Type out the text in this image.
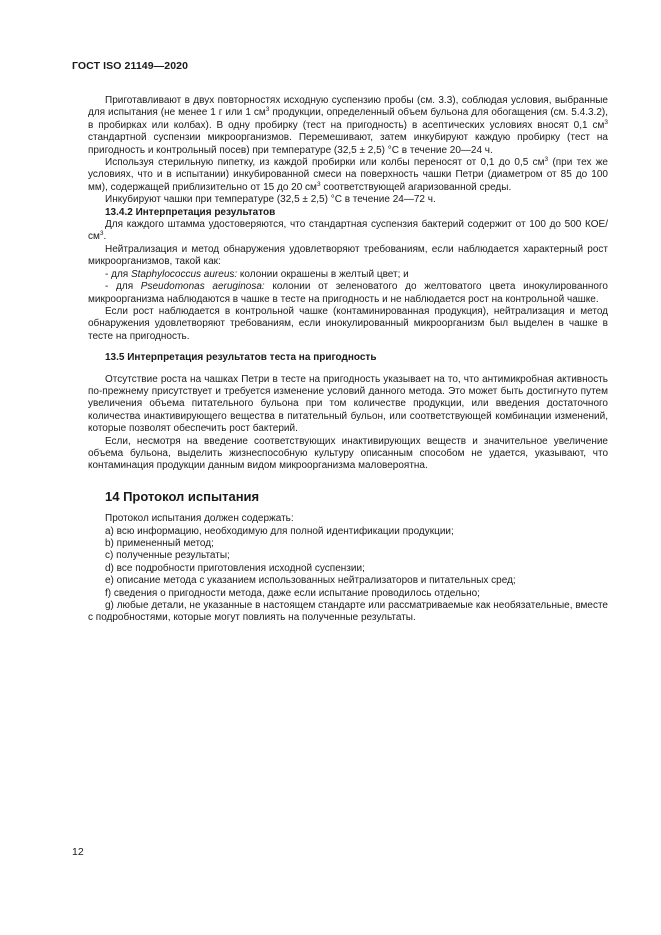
ГОСТ ISO 21149—2020

Приготавливают в двух повторностях исходную суспензию пробы (см. 3.3), соблюдая условия, выбранные для испытания (не менее 1 г или 1 $см^3$ продукции, определенный объем бульона для обогащения (см. 5.4.3.2), в пробирках или колбах). В одну пробирку (тест на пригодность) в асептических условиях вносят 0,1 $см^3$ стандартной суспензии микроорганизмов. Перемешивают, затем инкубируют каждую пробирку (тест на пригодность и контрольный посев) при температуре (32,5 ± 2,5) °С в течение 20—24 ч.

Используя стерильную пипетку, из каждой пробирки или колбы переносят от 0,1 до 0,5 $см^3$ (при тех же условиях, что и в испытании) инкубированной смеси на поверхность чашки Петри (диаметром от 85 до 100 мм), содержащей приблизительно от 15 до 20 $см^3$ соответствующей агаризованной среды.

Инкубируют чашки при температуре (32,5 ± 2,5) °С в течение 24—72 ч.

13.4.2 Интерпретация результатов

Для каждого штамма удостоверяются, что стандартная суспензия бактерий содержит от 100 до 500 КОЕ/$см^3$.

Нейтрализация и метод обнаружения удовлетворяют требованиям, если наблюдается характерный рост микроорганизмов, такой как:

- для Staphylococcus aureus: колонии окрашены в желтый цвет; и

- для Pseudomonas aeruginosa: колонии от зеленоватого до желтоватого цвета инокулированного микроорганизма наблюдаются в чашке в тесте на пригодность и не наблюдается рост на контрольной чашке.

Если рост наблюдается в контрольной чашке (контаминированная продукция), нейтрализация и метод обнаружения удовлетворяют требованиям, если инокулированный микроорганизм был выделен в чашке в тесте на пригодность.

13.5 Интерпретация результатов теста на пригодность

Отсутствие роста на чашках Петри в тесте на пригодность указывает на то, что антимикробная активность по-прежнему присутствует и требуется изменение условий данного метода. Это может быть достигнуто путем увеличения объема питательного бульона при том количестве продукции, или введения достаточного количества инактивирующего вещества в питательный бульон, или соответствующей комбинации изменений, которые позволят обеспечить рост бактерий.

Если, несмотря на введение соответствующих инактивирующих веществ и значительное увеличение объема бульона, выделить жизнеспособную культуру описанным способом не удается, указывают, что контаминация продукции данным видом микроорганизма маловероятна.

14 Протокол испытания

Протокол испытания должен содержать:

a) всю информацию, необходимую для полной идентификации продукции;

b) примененный метод;

c) полученные результаты;

d) все подробности приготовления исходной суспензии;

e) описание метода с указанием использованных нейтрализаторов и питательных сред;

f) сведения о пригодности метода, даже если испытание проводилось отдельно;

g) любые детали, не указанные в настоящем стандарте или рассматриваемые как необязательные, вместе с подробностями, которые могут повлиять на полученные результаты.

12
